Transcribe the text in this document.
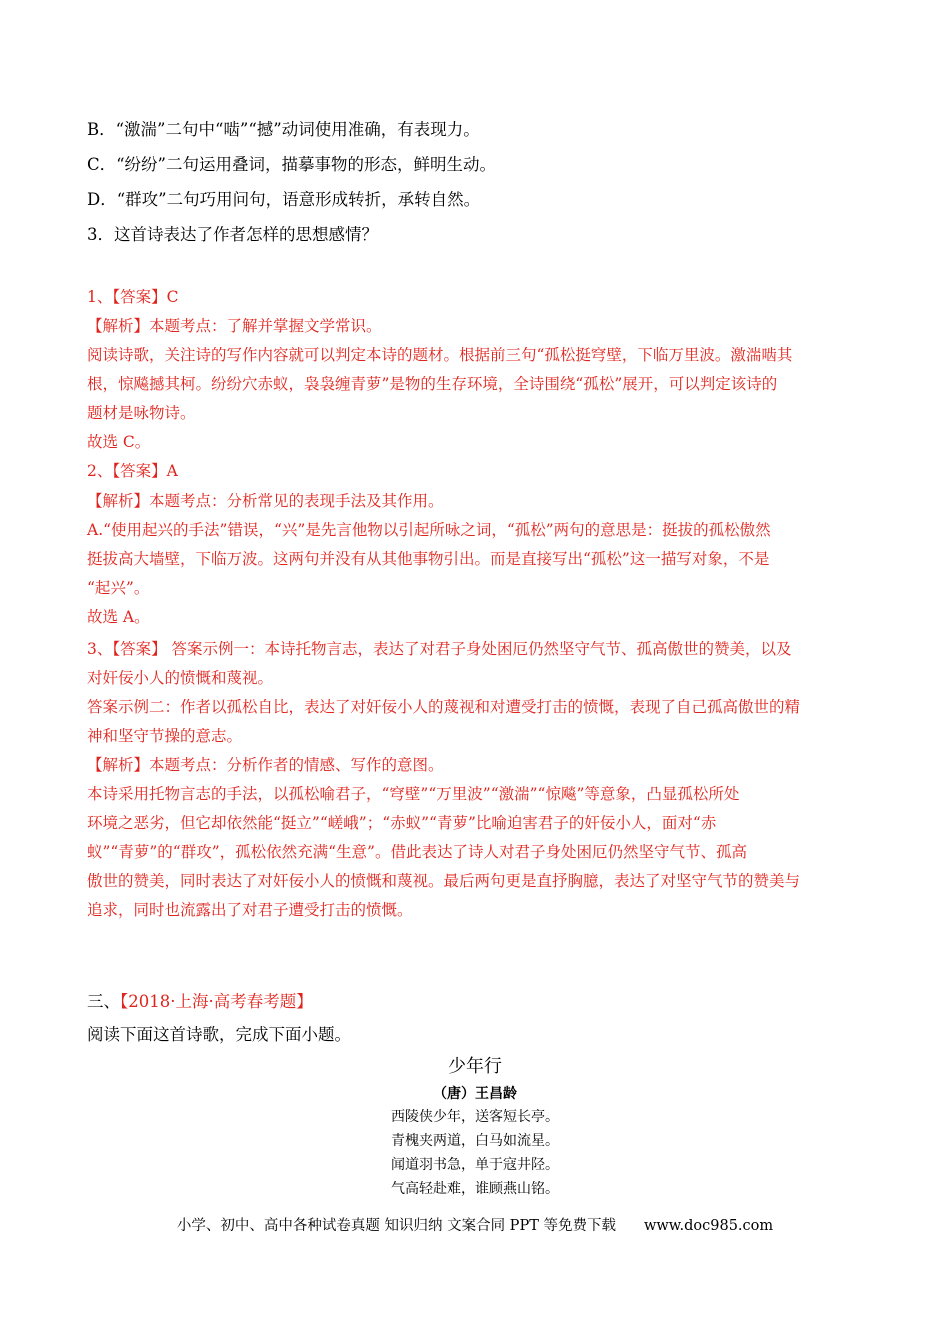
B．“激湍”二句中“啮”“撼”动词使用准确，有表现力。
C．“纷纷”二句运用叠词，描摹事物的形态，鲜明生动。
D．“群攻”二句巧用问句，语意形成转折，承转自然。
3．这首诗表达了作者怎样的思想感情？
1、【答案】C
【解析】本题考点：了解并掌握文学常识。
阅读诗歌，关注诗的写作内容就可以判定本诗的题材。根据前三句“孤松挺穹壁，下临万里波。激湍啮其
根，惊飚撼其柯。纷纷穴赤蚁，袅袅缠青萝”是物的生存环境，全诗围绕“孤松”展开，可以判定该诗的
题材是咏物诗。
故选 C。
2、【答案】A
【解析】本题考点：分析常见的表现手法及其作用。
A.“使用起兴的手法”错误，“兴”是先言他物以引起所咏之词，“孤松”两句的意思是：挺拔的孤松傲然
挺拔高大墙壁，下临万波。这两句并没有从其他事物引出。而是直接写出“孤松”这一描写对象，不是
“起兴”。
故选 A。
3、【答案】 答案示例一：本诗托物言志，表达了对君子身处困厄仍然坚守气节、孤高傲世的赞美，以及
对奸佞小人的愤慨和蔑视。
答案示例二：作者以孤松自比，表达了对奸佞小人的蔑视和对遭受打击的愤慨，表现了自己孤高傲世的精
神和坚守节操的意志。
【解析】本题考点：分析作者的情感、写作的意图。
本诗采用托物言志的手法，以孤松喻君子，“穹壁”“万里波”“激湍”“惊飚”等意象，凸显孤松所处
环境之恶劣，但它却依然能“挺立”“嵯峨”；“赤蚁”“青萝”比喻迫害君子的奸佞小人，面对“赤
蚁”“青萝”的“群攻”，孤松依然充满“生意”。借此表达了诗人对君子身处困厄仍然坚守气节、孤高
傲世的赞美，同时表达了对奸佞小人的愤慨和蔑视。最后两句更是直抒胸臆，表达了对坚守气节的赞美与
追求，同时也流露出了对君子遭受打击的愤慨。
三、【2018·上海·高考春考题】
阅读下面这首诗歌，完成下面小题。
少年行
（唐）王昌龄
西陵侠少年，送客短长亭。
青槐夹两道，白马如流星。
闻道羽书急，单于寇井陉。
气高轻赴难，谁顾燕山铭。
小学、初中、高中各种试卷真题 知识归纳 文案合同 PPT 等免费下载 www.doc985.com
